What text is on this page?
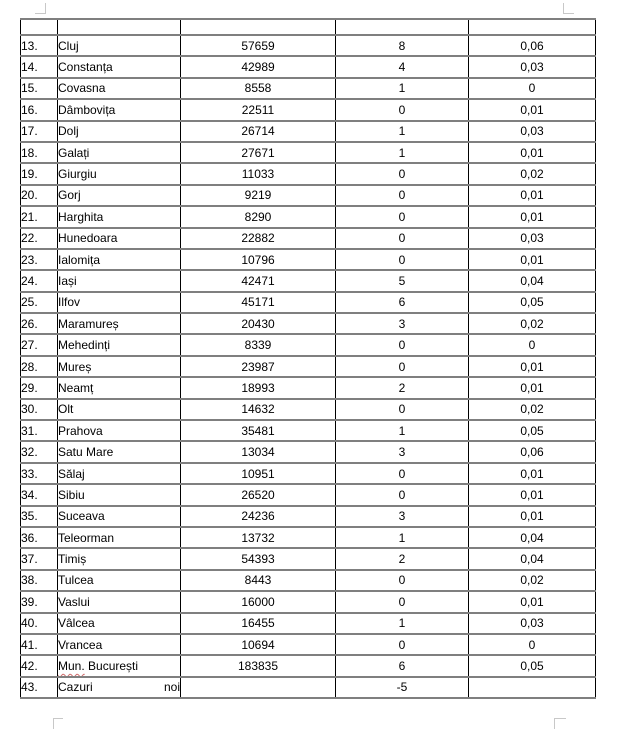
13.	Cluj	57659	8	0,06
14.	Constanța	42989	4	0,03
15.	Covasna	8558	1	0
16.	Dâmbovița	22511	0	0,01
17.	Dolj	26714	1	0,03
18.	Galați	27671	1	0,01
19.	Giurgiu	11033	0	0,02
20.	Gorj	9219	0	0,01
21.	Harghita	8290	0	0,01
22.	Hunedoara	22882	0	0,03
23.	Ialomița	10796	0	0,01
24.	Iași	42471	5	0,04
25.	Ilfov	45171	6	0,05
26.	Maramureș	20430	3	0,02
27.	Mehedinți	8339	0	0
28.	Mureș	23987	0	0,01
29.	Neamț	18993	2	0,01
30.	Olt	14632	0	0,02
31.	Prahova	35481	1	0,05
32.	Satu Mare	13034	3	0,06
33.	Sălaj	10951	0	0,01
34.	Sibiu	26520	0	0,01
35.	Suceava	24236	3	0,01
36.	Teleorman	13732	1	0,04
37.	Timiș	54393	2	0,04
38.	Tulcea	8443	0	0,02
39.	Vaslui	16000	0	0,01
40.	Vâlcea	16455	1	0,03
41.	Vrancea	10694	0	0
42.	Mun. București	183835	6	0,05
43.	Cazuri noi		-5	
